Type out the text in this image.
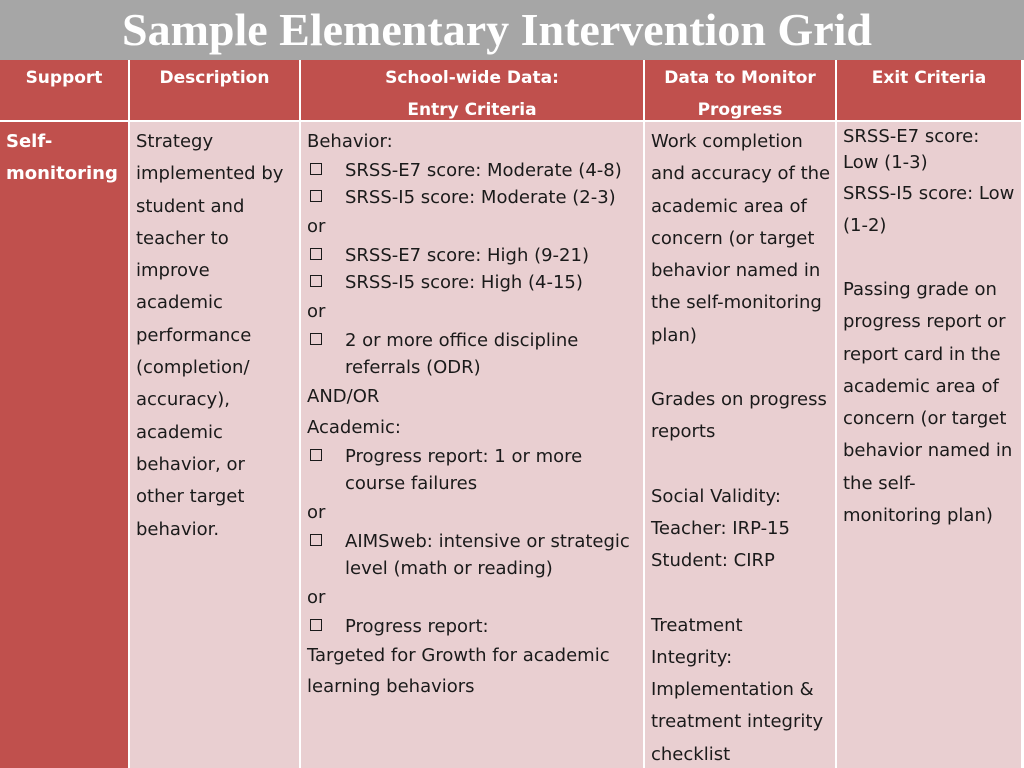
Sample Elementary Intervention Grid
Support
Self-
monitoring
Description
Strategy
implemented by
student and
teacher to
improve
academic
performance
(completion/
accuracy),
academic
behavior, or
other target
behavior.
School-wide Data:
Entry Criteria
Behavior:
SRSS-E7 score: Moderate (4-8)
SRSS-I5 score: Moderate (2-3)
or
SRSS-E7 score: High (9-21)
SRSS-I5 score: High (4-15)
or
2 or more office discipline
referrals (ODR)
AND/OR
Academic:
Progress report: 1 or more
course failures
or
AIMSweb: intensive or strategic
level (math or reading)
or
Progress report:
Targeted for Growth for academic
learning behaviors
Data to Monitor
Progress
Work completion
and accuracy of the
academic area of
concern (or target
behavior named in
the self-monitoring
plan)
Grades on progress
reports
Social Validity:
Teacher: IRP-15
Student: CIRP
Treatment
Integrity:
Implementation &
treatment integrity
checklist
Exit Criteria
SRSS-E7 score:
Low (1-3)
SRSS-I5 score: Low
(1-2)
Passing grade on
progress report or
report card in the
academic area of
concern (or target
behavior named in
the self-
monitoring plan)
